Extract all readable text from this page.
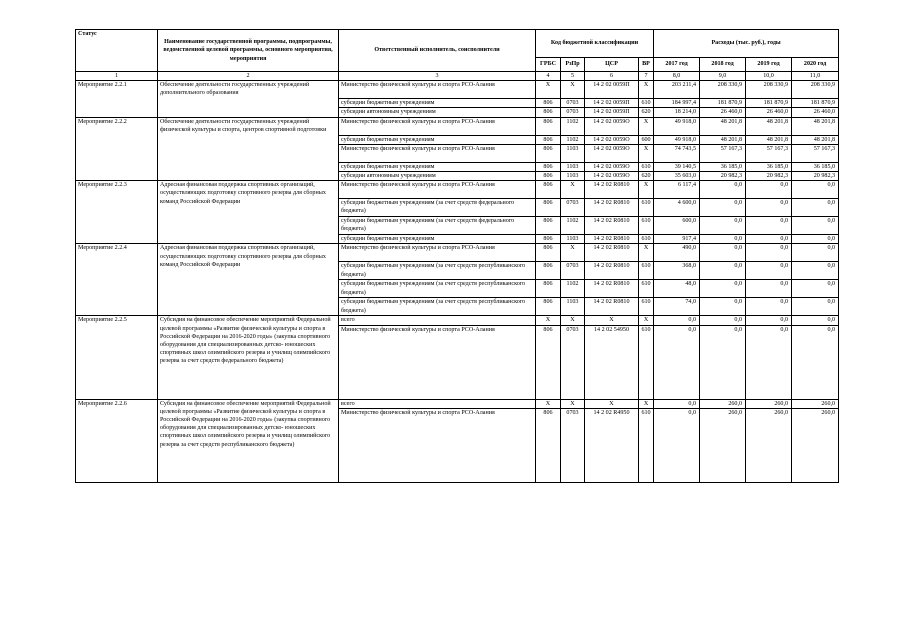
Статус	Наименование государственной программы, подпрограммы, ведомственной целевой программы, основного мероприятия, мероприятия	Ответственный исполнитель, соисполнители	Код бюджетной классификации				Расходы (тыс. руб.), годы			
			ГРБС	РзПр	ЦСР	ВР	2017 год	2018 год	2019 год	2020 год
1	2	3	4	5	6	7	8,0	9,0	10,0	11,0
Мероприятие 2.2.1	Обеспечение деятельности государственных учреждений дополнительного образования	Министерство физической культуры и спорта РСО-Алания	X	X	14 2 02 0059П	X	203 211,4	208 330,9	208 330,9	208 330,9
		субсидии бюджетным учреждениям	806	0703	14 2 02 0059П	610	184 997,4	181 870,9	181 870,9	181 870,9
		субсидии автономным учреждениям	806	0703	14 2 02 0059П	620	18 214,0	26 460,0	26 460,0	26 460,0
Мероприятие 2.2.2	Обеспечение деятельности государственных учреждений физической культуры и спорта, центров спортивной подготовки	Министерство физической культуры и спорта РСО-Алания	806	1102	14 2 02 0059О	X	49 918,0	48 201,8	48 201,8	48 201,8
		субсидии бюджетным учреждениям	806	1102	14 2 02 0059О	600	49 918,0	48 201,8	48 201,8	48 201,8
		Министерство физической культуры и спорта РСО-Алания	806	1103	14 2 02 0059О	X	74 743,5	57 167,3	57 167,3	57 167,3
		субсидии бюджетным учреждениям	806	1103	14 2 02 0059О	610	39 140,5	36 185,0	36 185,0	36 185,0
		субсидии автономным учреждениям	806	1103	14 2 02 0059О	620	35 603,0	20 982,3	20 982,3	20 982,3
Мероприятие 2.2.3	Адресная финансовая поддержка спортивных организаций, осуществляющих подготовку спортивного резерва для сборных команд Российской Федерации	Министерство физической культуры и спорта РСО-Алания	806	X	14 2 02 R0810	X	6 117,4	0,0	0,0	0,0
		субсидии бюджетным учреждениям (за счет средств федерального бюджета)	806	0703	14 2 02 R0810	610	4 600,0	0,0	0,0	0,0
		субсидии бюджетным учреждениям (за счет средств федерального бюджета)	806	1102	14 2 02 R0810	610	600,0	0,0	0,0	0,0
		субсидии бюджетным учреждениям	806	1103	14 2 02 R0810	610	917,4	0,0	0,0	0,0
Мероприятие 2.2.4	Адресная финансовая поддержка спортивных организаций, осуществляющих подготовку спортивного резерва для сборных команд Российской Федерации	Министерство физической культуры и спорта РСО-Алания	806	X	14 2 02 R0810	X	490,0	0,0	0,0	0,0
		субсидии бюджетным учреждениям (за счет средств республиканского бюджета)	806	0703	14 2 02 R0810	610	368,0	0,0	0,0	0,0
		субсидии бюджетным учреждениям (за счет средств республиканского бюджета)	806	1102	14 2 02 R0810	610	48,0	0,0	0,0	0,0
		субсидии бюджетным учреждениям (за счет средств республиканского бюджета)	806	1103	14 2 02 R0810	610	74,0	0,0	0,0	0,0
Мероприятие 2.2.5	Субсидия на финансовое обеспечение мероприятий Федеральной целевой программы «Развитие физической культуры и спорта в Российской Федерации на 2016-2020 годы» (закупка спортивного оборудования для специализированных детско- юношеских спортивных школ олимпийского резерва и училищ олимпийского резерва за счет средств федерального бюджета)	всего	X	X	X	X	0,0	0,0	0,0	0,0
		Министерство физической культуры и спорта РСО-Алания	806	0703	14 2 02 54950	610	0,0	0,0	0,0	0,0
Мероприятие 2.2.6	Субсидия на финансовое обеспечение мероприятий Федеральной целевой программы «Развитие физической культуры и спорта в Российской Федерации на 2016-2020 годы» (закупка спортивного оборудования для специализированных детско- юношеских спортивных школ олимпийского резерва и училищ олимпийского резерва за счет средств республиканского бюджета)	всего	X	X	X	X	0,0	260,0	260,0	260,0
		Министерство физической культуры и спорта РСО-Алания	806	0703	14 2 02 R4950	610	0,0	260,0	260,0	260,0
